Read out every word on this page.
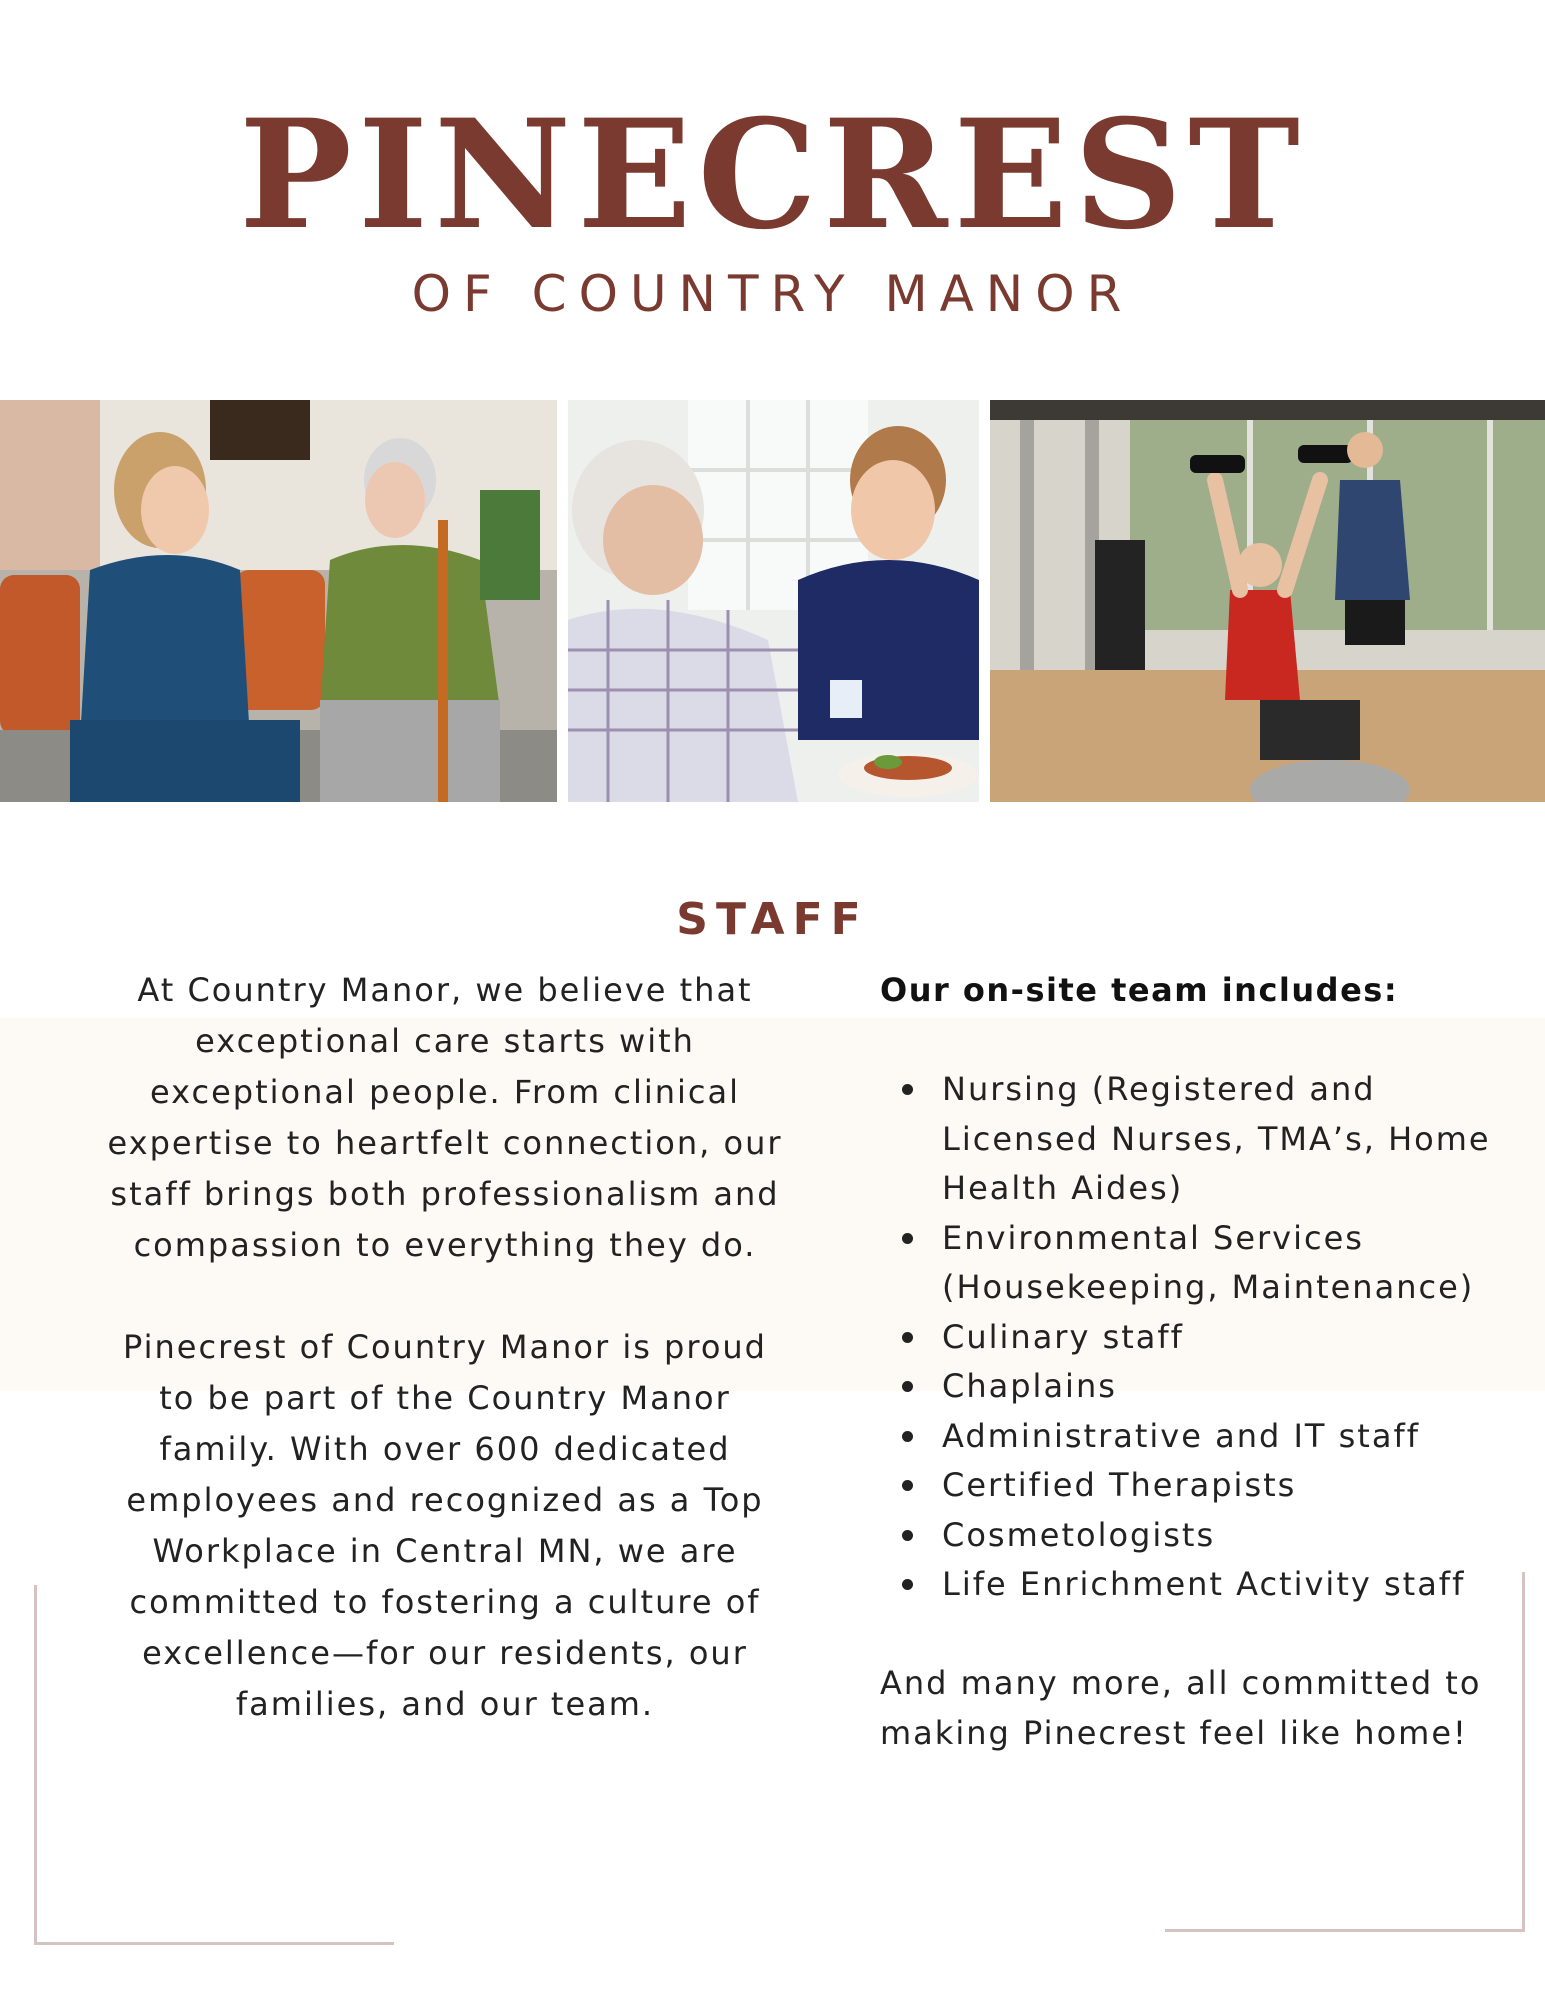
PINECREST
OF COUNTRY MANOR
STAFF

At Country Manor, we believe that exceptional care starts with exceptional people. From clinical expertise to heartfelt connection, our staff brings both professionalism and compassion to everything they do.

Pinecrest of Country Manor is proud to be part of the Country Manor family. With over 600 dedicated employees and recognized as a Top Workplace in Central MN, we are committed to fostering a culture of excellence—for our residents, our families, and our team.

Our on-site team includes:

Nursing (Registered and Licensed Nurses, TMA’s, Home Health Aides)
Environmental Services (Housekeeping, Maintenance)
Culinary staff
Chaplains
Administrative and IT staff
Certified Therapists
Cosmetologists
Life Enrichment Activity staff

And many more, all committed to making Pinecrest feel like home!
